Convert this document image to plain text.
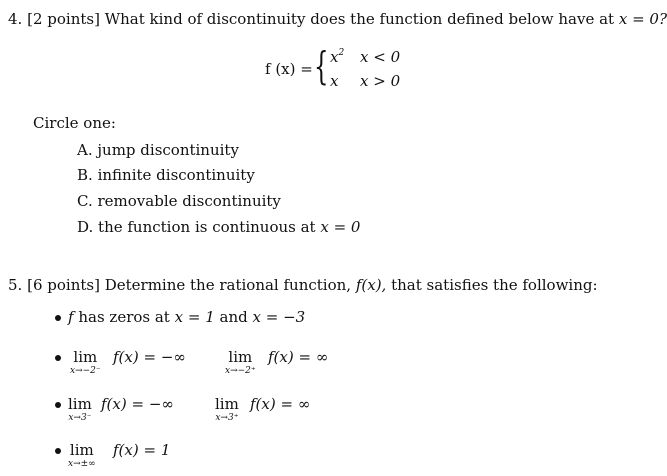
4. [2 points] What kind of discontinuity does the function defined below have at x = 0?
f (x) = { $x^2$ x < 0
x x > 0
Circle one:
A. jump discontinuity
B. infinite discontinuity
C. removable discontinuity
D. the function is continuous at x = 0
5. [6 points] Determine the rational function, f(x), that satisfies the following:
f has zeros at x = 1 and x = −3
lim
x→−2⁻
f(x) = −∞	lim
x→−2⁺
f(x) = ∞
lim
x→3⁻
f(x) = −∞	lim
x→3⁺
f(x) = ∞
lim
x→±∞
f(x) = 1
